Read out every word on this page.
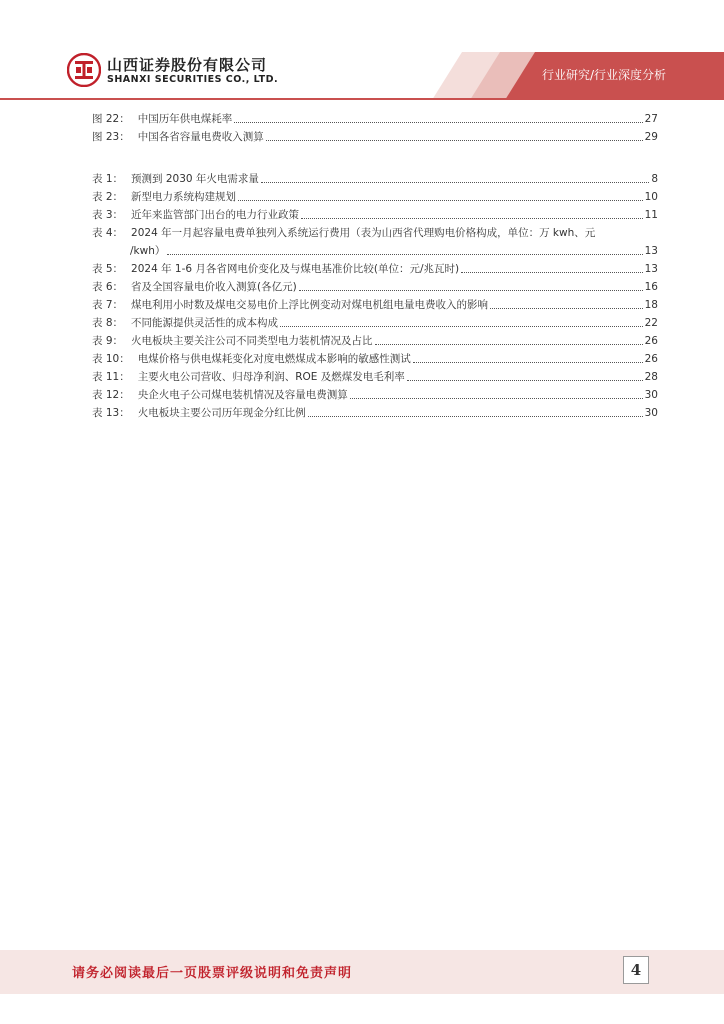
山西证券股份有限公司
SHANXI SECURITIES CO., LTD.	行业研究/行业深度分析
图 22： 中国历年供电煤耗率	27
图 23： 中国各省容量电费收入测算	29
表 1： 预测到 2030 年火电需求量	8
表 2： 新型电力系统构建规划	10
表 3： 近年来监管部门出台的电力行业政策	11
表 4： 2024 年一月起容量电费单独列入系统运行费用（表为山西省代理购电价格构成，单位：万 kwh、元
/kwh）	13
表 5： 2024 年 1-6 月各省网电价变化及与煤电基准价比较(单位：元/兆瓦时)	13
表 6： 省及全国容量电价收入测算(各亿元)	16
表 7： 煤电利用小时数及煤电交易电价上浮比例变动对煤电机组电量电费收入的影响	18
表 8： 不同能源提供灵活性的成本构成	22
表 9： 火电板块主要关注公司不同类型电力装机情况及占比	26
表 10： 电煤价格与供电煤耗变化对度电燃煤成本影响的敏感性测试	26
表 11： 主要火电公司营收、归母净利润、ROE 及燃煤发电毛利率	28
表 12： 央企火电子公司煤电装机情况及容量电费测算	30
表 13： 火电板块主要公司历年现金分红比例	30
请务必阅读最后一页股票评级说明和免责声明	4
